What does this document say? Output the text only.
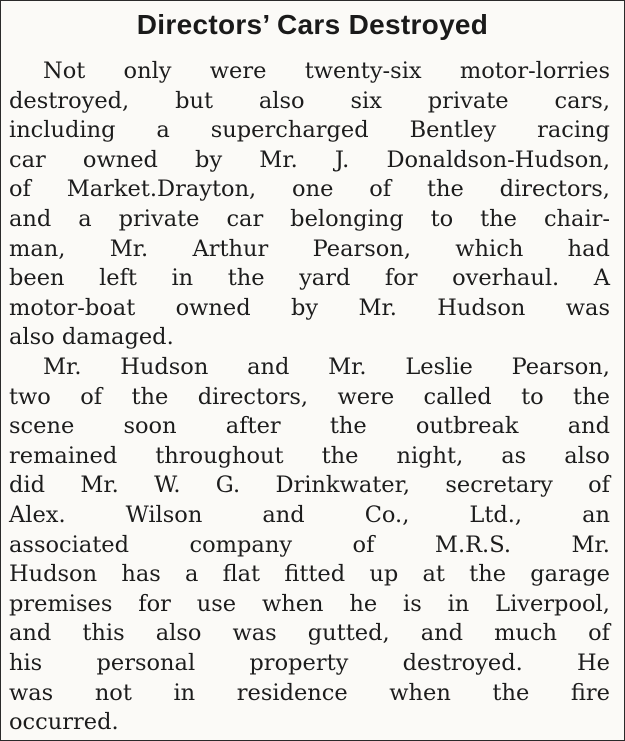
Directors’ Cars Destroyed
Not only were twenty-six motor-lorries
destroyed, but also six private cars,
including a supercharged Bentley racing
car owned by Mr. J. Donaldson-Hudson,
of Market.Drayton, one of the directors,
and a private car belonging to the chair-
man, Mr. Arthur Pearson, which had
been left in the yard for overhaul. A
motor-boat owned by Mr. Hudson was
also damaged.
Mr. Hudson and Mr. Leslie Pearson,
two of the directors, were called to the
scene soon after the outbreak and
remained throughout the night, as also
did Mr. W. G. Drinkwater, secretary of
Alex.	Wilson	and	Co.,	Ltd.,	an
associated	company	of	M.R.S.	Mr.
Hudson has a flat fitted up at the garage
premises for use when he is in Liverpool,
and this also was gutted, and much of
his personal property destroyed. He
was not in residence when the fire
occurred.
